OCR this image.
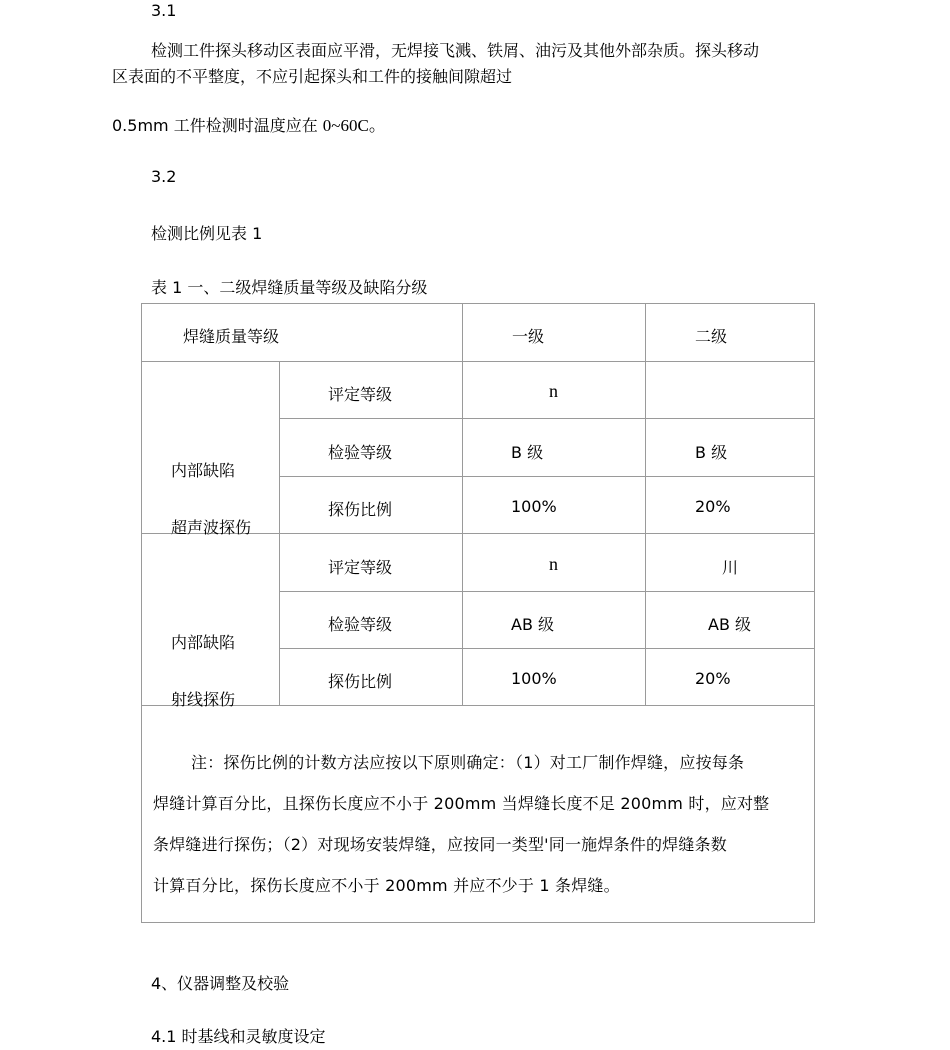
3.1
检测工件探头移动区表面应平滑，无焊接飞溅、铁屑、油污及其他外部杂质。探头移动
区表面的不平整度，不应引起探头和工件的接触间隙超过
0.5mm 工件检测时温度应在 0~60C。
3.2
检测比例见表 1
表 1 一、二级焊缝质量等级及缺陷分级
焊缝质量等级	一级	二级
内部缺陷
超声波探伤
评定等级	n
检验等级	B 级	B 级
探伤比例	100%	20%
内部缺陷
射线探伤
评定等级	n	川
检验等级	AB 级	AB 级
探伤比例	100%	20%
注：探伤比例的计数方法应按以下原则确定：（1）对工厂制作焊缝，应按每条
焊缝计算百分比，且探伤长度应不小于 200mm 当焊缝长度不足 200mm 时，应对整
条焊缝进行探伤；（2）对现场安装焊缝，应按同一类型'同一施焊条件的焊缝条数
计算百分比，探伤长度应不小于 200mm 并应不少于 1 条焊缝。
4、仪器调整及校验
4.1 时基线和灵敏度设定
